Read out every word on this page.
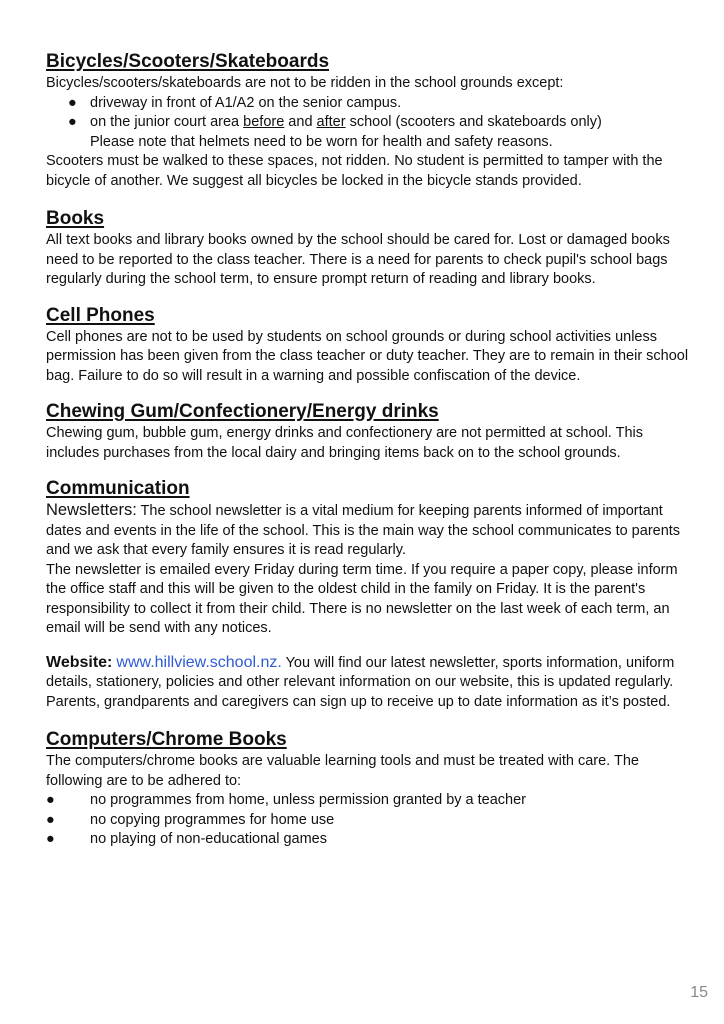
Bicycles/Scooters/Skateboards

Bicycles/scooters/skateboards are not to be ridden in the school grounds except:

● driveway in front of A1/A2 on the senior campus.
● on the junior court area before and after school (scooters and skateboards only)

Please note that helmets need to be worn for health and safety reasons.

Scooters must be walked to these spaces, not ridden. No student is permitted to tamper with the bicycle of another. We suggest all bicycles be locked in the bicycle stands provided.

Books

All text books and library books owned by the school should be cared for. Lost or damaged books need to be reported to the class teacher. There is a need for parents to check pupil's school bags regularly during the school term, to ensure prompt return of reading and library books.

Cell Phones

Cell phones are not to be used by students on school grounds or during school activities unless permission has been given from the class teacher or duty teacher. They are to remain in their school bag. Failure to do so will result in a warning and possible confiscation of the device.

Chewing Gum/Confectionery/Energy drinks

Chewing gum, bubble gum, energy drinks and confectionery are not permitted at school. This includes purchases from the local dairy and bringing items back on to the school grounds.

Communication

Newsletters: The school newsletter is a vital medium for keeping parents informed of important dates and events in the life of the school. This is the main way the school communicates to parents and we ask that every family ensures it is read regularly.

The newsletter is emailed every Friday during term time. If you require a paper copy, please inform the office staff and this will be given to the oldest child in the family on Friday. It is the parent's responsibility to collect it from their child. There is no newsletter on the last week of each term, an email will be send with any notices.

Website: www.hillview.school.nz. You will find our latest newsletter, sports information, uniform details, stationery, policies and other relevant information on our website, this is updated regularly. Parents, grandparents and caregivers can sign up to receive up to date information as it’s posted.

Computers/Chrome Books

The computers/chrome books are valuable learning tools and must be treated with care. The following are to be adhered to:

● no programmes from home, unless permission granted by a teacher
● no copying programmes for home use
● no playing of non-educational games
15
